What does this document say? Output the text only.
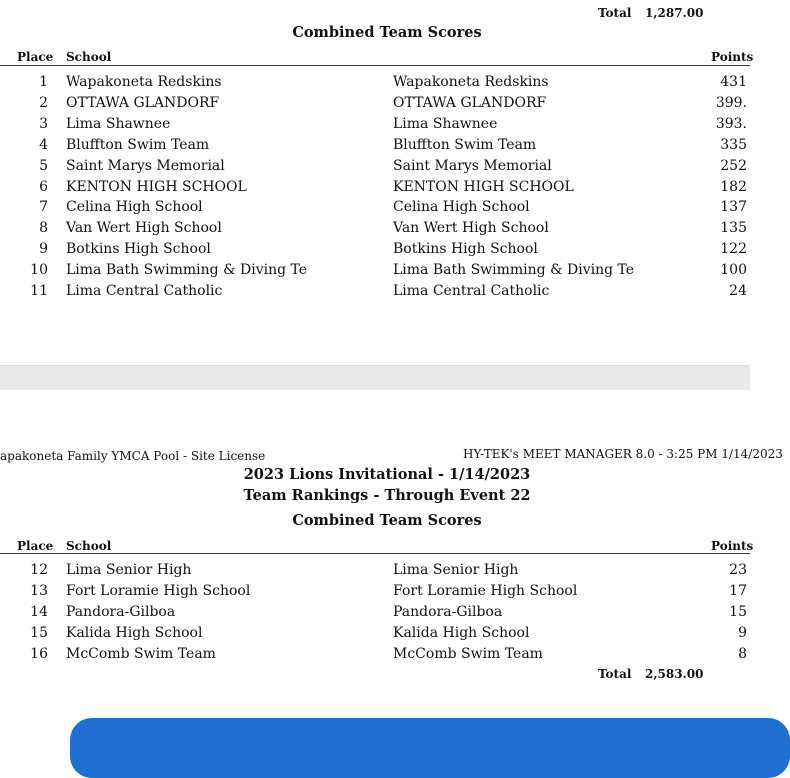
Total 1,287.00
Combined Team Scores
Place School	Points
1 Wapakoneta Redskins	Wapakoneta Redskins	431
2 OTTAWA GLANDORF	OTTAWA GLANDORF	399.
3 Lima Shawnee	Lima Shawnee	393.
4 Bluffton Swim Team	Bluffton Swim Team	335
5 Saint Marys Memorial	Saint Marys Memorial	252
6 KENTON HIGH SCHOOL	KENTON HIGH SCHOOL	182
7 Celina High School	Celina High School	137
8 Van Wert High School	Van Wert High School	135
9 Botkins High School	Botkins High School	122
10 Lima Bath Swimming & Diving Te	Lima Bath Swimming & Diving Te	100
11 Lima Central Catholic	Lima Central Catholic	24
apakoneta Family YMCA Pool - Site License	HY-TEK's MEET MANAGER 8.0 - 3:25 PM 1/14/2023
2023 Lions Invitational - 1/14/2023
Team Rankings - Through Event 22
Combined Team Scores
Place School	Points
12 Lima Senior High	Lima Senior High	23
13 Fort Loramie High School	Fort Loramie High School	17
14 Pandora-Gilboa	Pandora-Gilboa	15
15 Kalida High School	Kalida High School	9
16 McComb Swim Team	McComb Swim Team	8
Total 2,583.00
